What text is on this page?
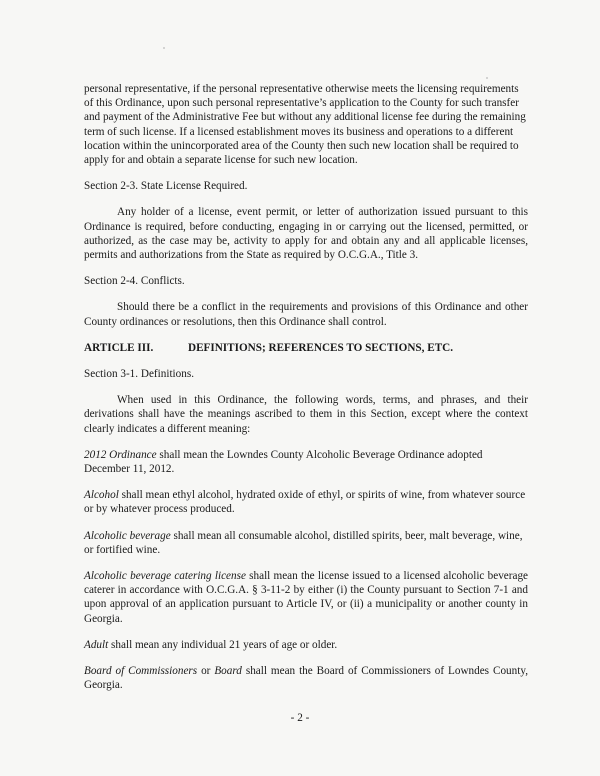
personal representative, if the personal representative otherwise meets the licensing requirements of this Ordinance, upon such personal representative’s application to the County for such transfer and payment of the Administrative Fee but without any additional license fee during the remaining term of such license. If a licensed establishment moves its business and operations to a different location within the unincorporated area of the County then such new location shall be required to apply for and obtain a separate license for such new location.

Section 2-3. State License Required.

Any holder of a license, event permit, or letter of authorization issued pursuant to this Ordinance is required, before conducting, engaging in or carrying out the licensed, permitted, or authorized, as the case may be, activity to apply for and obtain any and all applicable licenses, permits and authorizations from the State as required by O.C.G.A., Title 3.

Section 2-4. Conflicts.

Should there be a conflict in the requirements and provisions of this Ordinance and other County ordinances or resolutions, then this Ordinance shall control.

ARTICLE III.	DEFINITIONS; REFERENCES TO SECTIONS, ETC.

Section 3-1. Definitions.

When used in this Ordinance, the following words, terms, and phrases, and their derivations shall have the meanings ascribed to them in this Section, except where the context clearly indicates a different meaning:

2012 Ordinance shall mean the Lowndes County Alcoholic Beverage Ordinance adopted December 11, 2012.

Alcohol shall mean ethyl alcohol, hydrated oxide of ethyl, or spirits of wine, from whatever source or by whatever process produced.

Alcoholic beverage shall mean all consumable alcohol, distilled spirits, beer, malt beverage, wine, or fortified wine.

Alcoholic beverage catering license shall mean the license issued to a licensed alcoholic beverage caterer in accordance with O.C.G.A. § 3-11-2 by either (i) the County pursuant to Section 7-1 and upon approval of an application pursuant to Article IV, or (ii) a municipality or another county in Georgia.

Adult shall mean any individual 21 years of age or older.

Board of Commissioners or Board shall mean the Board of Commissioners of Lowndes County, Georgia.

- 2 -
